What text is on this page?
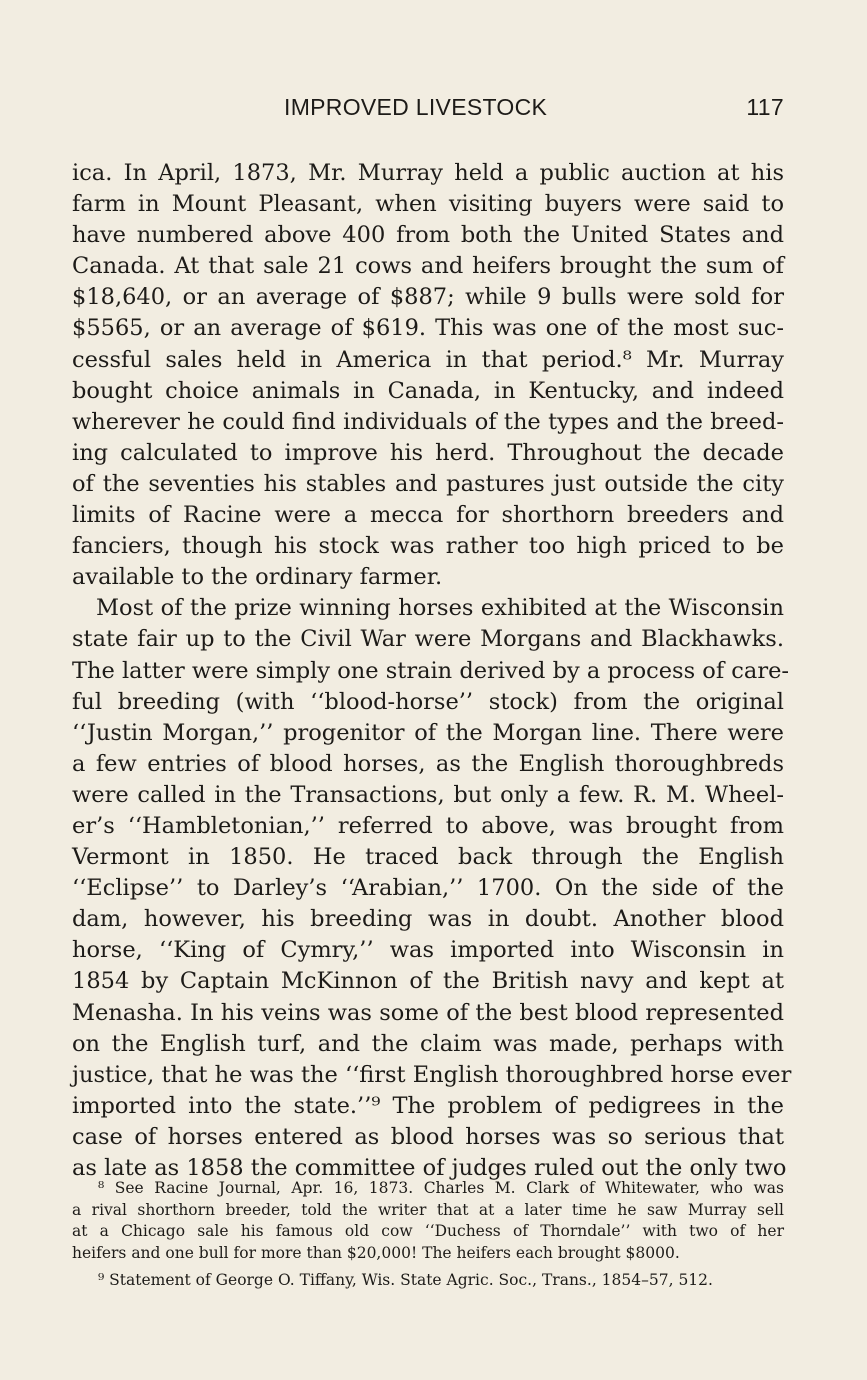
IMPROVED LIVESTOCK	117
ica. In April, 1873, Mr. Murray held a public auction at his
farm in Mount Pleasant, when visiting buyers were said to
have numbered above 400 from both the United States and
Canada. At that sale 21 cows and heifers brought the sum of
$18,640, or an average of $887; while 9 bulls were sold for
$5565, or an average of $619. This was one of the most suc-
cessful sales held in America in that period.⁸ Mr. Murray
bought choice animals in Canada, in Kentucky, and indeed
wherever he could find individuals of the types and the breed-
ing calculated to improve his herd. Throughout the decade
of the seventies his stables and pastures just outside the city
limits of Racine were a mecca for shorthorn breeders and
fanciers, though his stock was rather too high priced to be
available to the ordinary farmer.
Most of the prize winning horses exhibited at the Wisconsin
state fair up to the Civil War were Morgans and Blackhawks.
The latter were simply one strain derived by a process of care-
ful breeding (with ‘‘blood-horse’’ stock) from the original
‘‘Justin Morgan,’’ progenitor of the Morgan line. There were
a few entries of blood horses, as the English thoroughbreds
were called in the Transactions, but only a few. R. M. Wheel-
er’s ‘‘Hambletonian,’’ referred to above, was brought from
Vermont in 1850. He traced back through the English
‘‘Eclipse’’ to Darley’s ‘‘Arabian,’’ 1700. On the side of the
dam, however, his breeding was in doubt. Another blood
horse, ‘‘King of Cymry,’’ was imported into Wisconsin in
1854 by Captain McKinnon of the British navy and kept at
Menasha. In his veins was some of the best blood represented
on the English turf, and the claim was made, perhaps with
justice, that he was the ‘‘first English thoroughbred horse ever
imported into the state.’’⁹ The problem of pedigrees in the
case of horses entered as blood horses was so serious that
as late as 1858 the committee of judges ruled out the only two
⁸ See Racine Journal, Apr. 16, 1873. Charles M. Clark of Whitewater, who was
a rival shorthorn breeder, told the writer that at a later time he saw Murray sell
at a Chicago sale his famous old cow ‘‘Duchess of Thorndale’’ with two of her
heifers and one bull for more than $20,000! The heifers each brought $8000.
⁹ Statement of George O. Tiffany, Wis. State Agric. Soc., Trans., 1854–57, 512.
